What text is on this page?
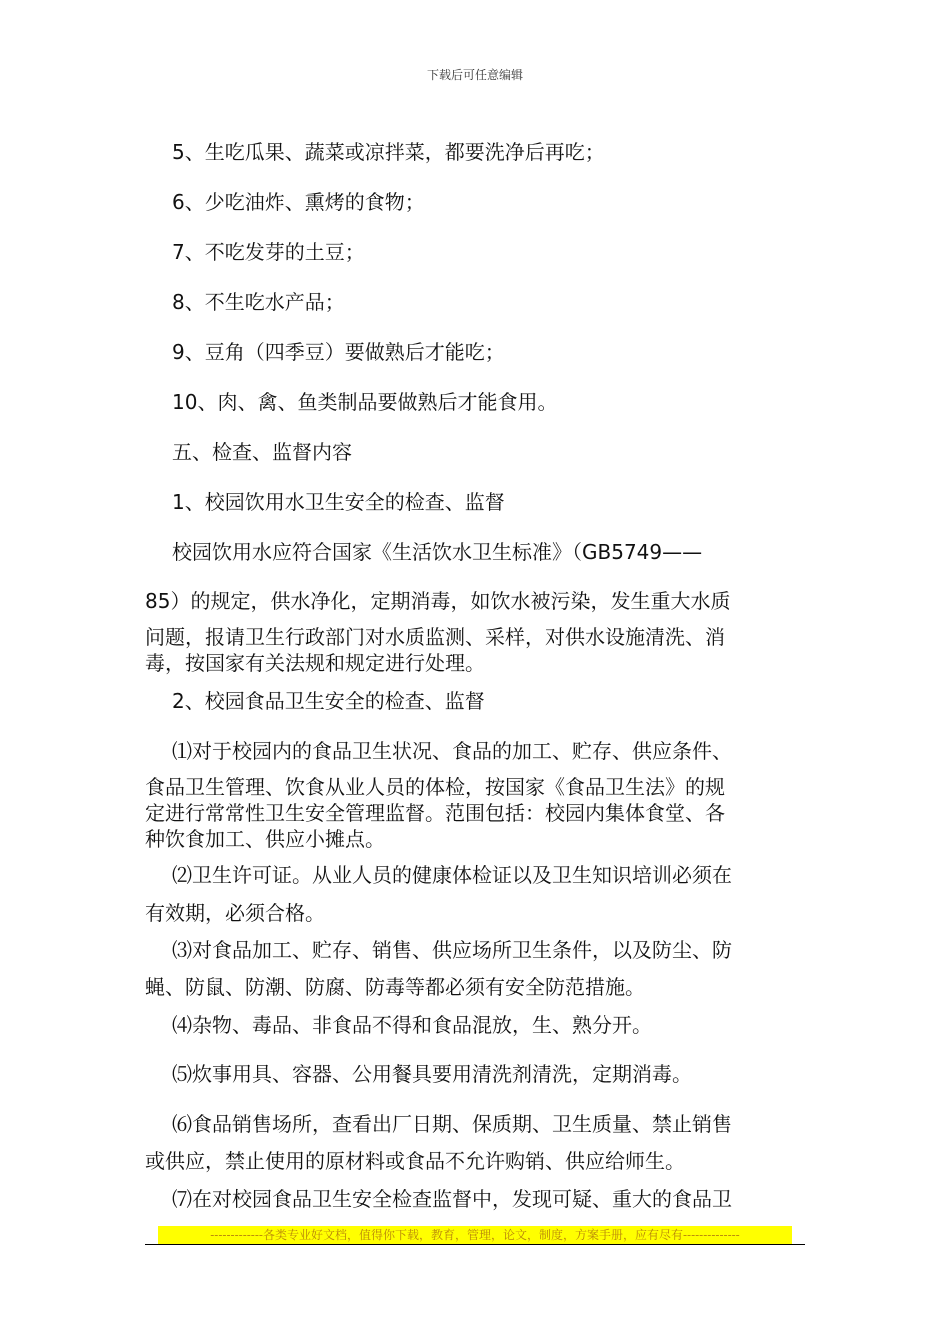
下载后可任意编辑
5、生吃瓜果、蔬菜或凉拌菜，都要洗净后再吃；
6、少吃油炸、熏烤的食物；
7、不吃发芽的土豆；
8、不生吃水产品；
9、豆角（四季豆）要做熟后才能吃；
10、肉、禽、鱼类制品要做熟后才能食用。
五、检查、监督内容
1、校园饮用水卫生安全的检查、监督
校园饮用水应符合国家《生活饮水卫生标准》（GB5749——
85）的规定，供水净化，定期消毒，如饮水被污染，发生重大水质
问题，报请卫生行政部门对水质监测、采样，对供水设施清洗、消
毒，按国家有关法规和规定进行处理。
2、校园食品卫生安全的检查、监督
⑴对于校园内的食品卫生状况、食品的加工、贮存、供应条件、
食品卫生管理、饮食从业人员的体检，按国家《食品卫生法》的规
定进行常常性卫生安全管理监督。范围包括：校园内集体食堂、各
种饮食加工、供应小摊点。
⑵卫生许可证。从业人员的健康体检证以及卫生知识培训必须在
有效期，必须合格。
⑶对食品加工、贮存、销售、供应场所卫生条件，以及防尘、防
蝇、防鼠、防潮、防腐、防毒等都必须有安全防范措施。
⑷杂物、毒品、非食品不得和食品混放，生、熟分开。
⑸炊事用具、容器、公用餐具要用清洗剂清洗，定期消毒。
⑹食品销售场所，查看出厂日期、保质期、卫生质量、禁止销售
或供应，禁止使用的原材料或食品不允许购销、供应给师生。
⑺在对校园食品卫生安全检查监督中，发现可疑、重大的食品卫
-------------各类专业好文档，值得你下载，教育，管理，论文，制度，方案手册，应有尽有--------------
